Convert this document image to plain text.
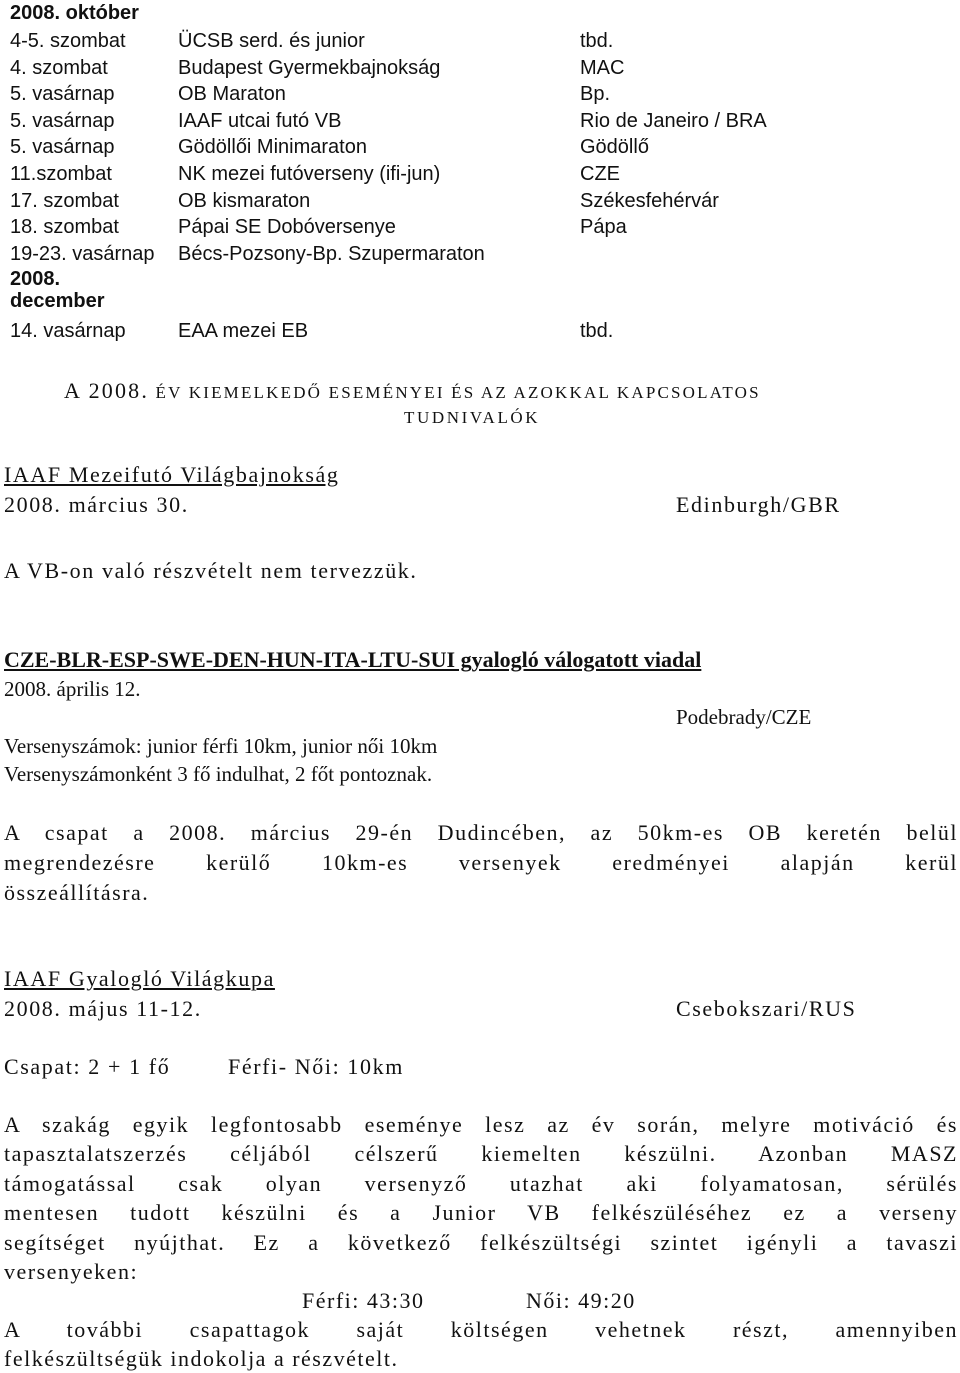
2008. október
4-5. szombat	ÜCSB serd. és junior	tbd.
4. szombat	Budapest Gyermekbajnokság	MAC
5. vasárnap	OB Maraton	Bp.
5. vasárnap	IAAF utcai futó VB	Rio de Janeiro / BRA
5. vasárnap	Gödöllői Minimaraton	Gödöllő
11.szombat	NK mezei futóverseny (ifi-jun)	CZE
17. szombat	OB kismaraton	Székesfehérvár
18. szombat	Pápai SE Dobóversenye	Pápa
19-23. vasárnap Bécs-Pozsony-Bp. Szupermaraton
2008.
december
14. vasárnap	EAA mezei EB	tbd.
A 2008. ÉV KIEMELKEDŐ ESEMÉNYEI ÉS AZ AZOKKAL KAPCSOLATOS
TUDNIVALÓK
IAAF Mezeifutó Világbajnokság
2008. március 30.	Edinburgh/GBR
A VB-on való részvételt nem tervezzük.
CZE-BLR-ESP-SWE-DEN-HUN-ITA-LTU-SUI gyalogló válogatott viadal
2008. április 12.
Podebrady/CZE
Versenyszámok: junior férfi 10km, junior női 10km
Versenyszámonként 3 fő indulhat, 2 főt pontoznak.
A csapat a 2008. március 29-én Dudincében, az 50km-es OB keretén belül
megrendezésre kerülő 10km-es versenyek eredményei alapján kerül
összeállításra.
IAAF Gyalogló Világkupa
2008. május 11-12.	Csebokszari/RUS
Csapat: 2 + 1 fő	Férfi- Női: 10km
A szakág egyik legfontosabb eseménye lesz az év során, melyre motiváció és
tapasztalatszerzés céljából célszerű kiemelten készülni. Azonban MASZ
támogatással csak olyan versenyző utazhat aki folyamatosan, sérülés
mentesen tudott készülni és a Junior VB felkészüléséhez ez a verseny
segítséget nyújthat. Ez a következő felkészültségi szintet igényli a tavaszi
versenyeken:
Férfi: 43:30	Női: 49:20
A további csapattagok saját költségen vehetnek részt, amennyiben
felkészültségük indokolja a részvételt.
